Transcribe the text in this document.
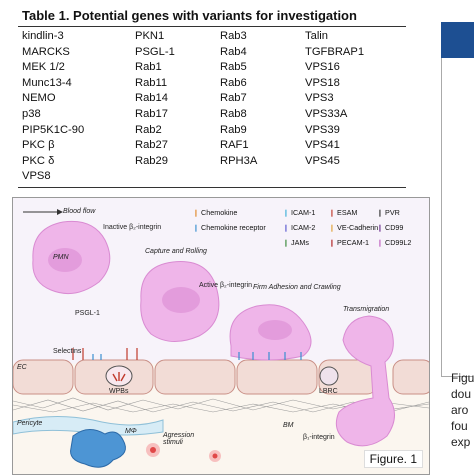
Table 1. Potential genes with variants for investigation
kindlin-3	PKN1	Rab3	Talin
MARCKS	PSGL-1	Rab4	TGFBRAP1
MEK 1/2	Rab1	Rab5	VPS16
Munc13-4	Rab11	Rab6	VPS18
NEMO	Rab14	Rab7	VPS3
p38	Rab17	Rab8	VPS33A
PIP5K1C-90	Rab2	Rab9	VPS39
PKC β	Rab27	RAF1	VPS41
PKC δ	Rab29	RPH3A	VPS45
VPS8
Figu
dou
aro
fou
exp
Blood flow
Inactive β₂-integrin
PMN
PSGL-1
Capture and Rolling
Active β₂-integrin Firm Adhesion and Crawling
Transmigration
Selectins
EC
WPBs	LBRC
Pericyte	BM
β₁-integrin
MΦ
Agression stimuli
❙ Chemokine
❙ Chemokine receptor
❙ ICAM-1
❙ ICAM-2
❙ JAMs
❙ ESAM
❙ VE-Cadherin
❙ PECAM-1
❙ PVR
❙ CD99
❙ CD99L2
Figure. 1
